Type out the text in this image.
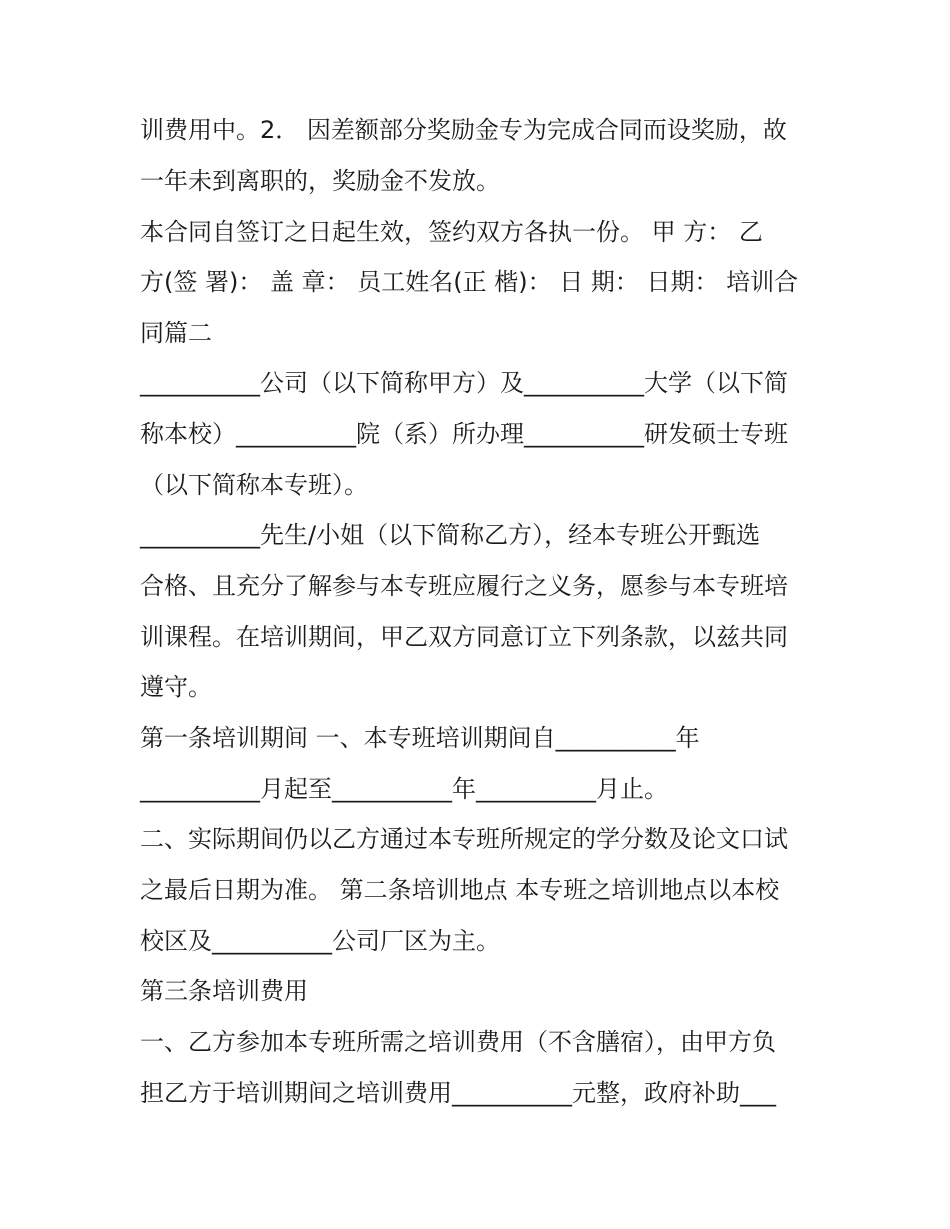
训费用中。2． 因差额部分奖励金专为完成合同而设奖励，故

一年未到离职的，奖励金不发放。

本合同自签订之日起生效，签约双方各执一份。 甲 方： 乙

方(签 署)： 盖 章： 员工姓名(正 楷)： 日 期： 日期： 培训合

同篇二

__________公司（以下简称甲方）及__________大学（以下简

称本校）__________院（系）所办理__________研发硕士专班

（以下简称本专班）。

__________先生/小姐（以下简称乙方），经本专班公开甄选

合格、且充分了解参与本专班应履行之义务，愿参与本专班培

训课程。在培训期间，甲乙双方同意订立下列条款，以兹共同

遵守。

第一条培训期间 一、本专班培训期间自__________年

__________月起至__________年__________月止。

二、实际期间仍以乙方通过本专班所规定的学分数及论文口试

之最后日期为准。 第二条培训地点 本专班之培训地点以本校

校区及__________公司厂区为主。

第三条培训费用

一、乙方参加本专班所需之培训费用（不含膳宿），由甲方负

担乙方于培训期间之培训费用__________元整，政府补助___
